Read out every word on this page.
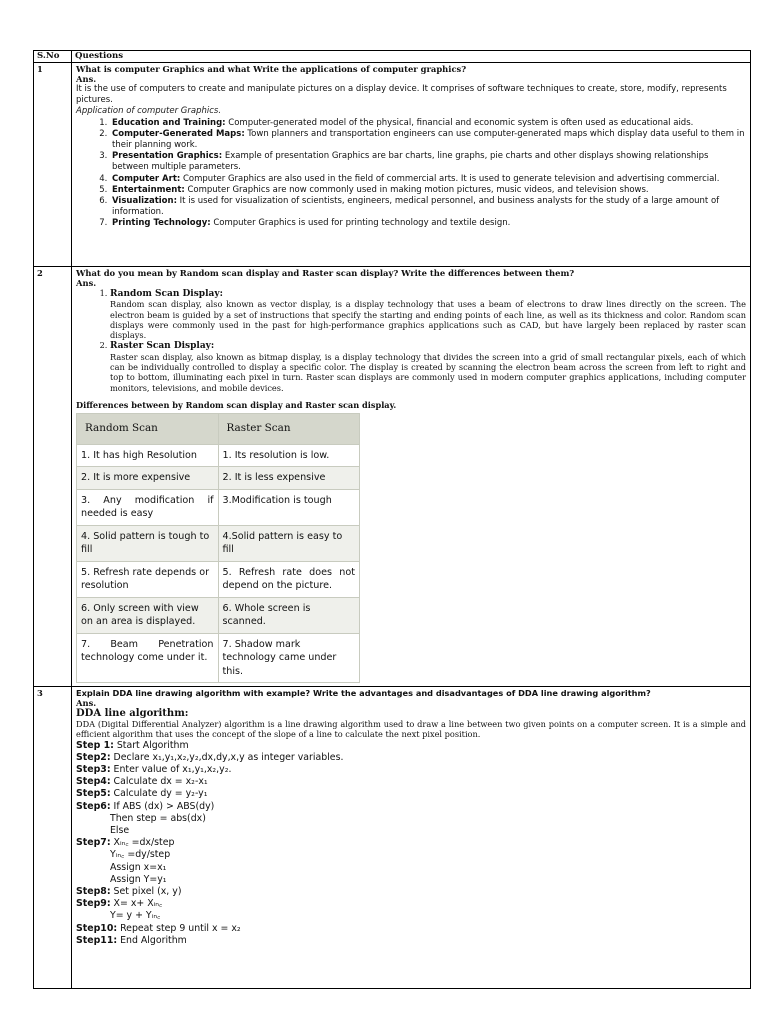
S.No	Questions
1	What is computer Graphics and what Write the applications of computer graphics?
Ans.
It is the use of computers to create and manipulate pictures on a display device. It comprises of software techniques to create, store, modify, represents pictures.
Application of computer Graphics.
1. Education and Training: Computer-generated model of the physical, financial and economic system is often used as educational aids.
2. Computer-Generated Maps: Town planners and transportation engineers can use computer-generated maps which display data useful to them in their planning work.
3. Presentation Graphics: Example of presentation Graphics are bar charts, line graphs, pie charts and other displays showing relationships between multiple parameters.
4. Computer Art: Computer Graphics are also used in the field of commercial arts. It is used to generate television and advertising commercial.
5. Entertainment: Computer Graphics are now commonly used in making motion pictures, music videos, and television shows.
6. Visualization: It is used for visualization of scientists, engineers, medical personnel, and business analysts for the study of a large amount of information.
7. Printing Technology: Computer Graphics is used for printing technology and textile design.

2	What do you mean by Random scan display and Raster scan display? Write the differences between them?
Ans.
1. Random Scan Display:
Random scan display, also known as vector display, is a display technology that uses a beam of electrons to draw lines directly on the screen. The electron beam is guided by a set of instructions that specify the starting and ending points of each line, as well as its thickness and color. Random scan displays were commonly used in the past for high-performance graphics applications such as CAD, but have largely been replaced by raster scan displays.
2. Raster Scan Display:
Raster scan display, also known as bitmap display, is a display technology that divides the screen into a grid of small rectangular pixels, each of which can be individually controlled to display a specific color. The display is created by scanning the electron beam across the screen from left to right and top to bottom, illuminating each pixel in turn. Raster scan displays are commonly used in modern computer graphics applications, including computer monitors, televisions, and mobile devices.
Differences between by Random scan display and Raster scan display.
Random Scan	Raster Scan
1. It has high Resolution	1. Its resolution is low.
2. It is more expensive	2. It is less expensive
3. Any modification if needed is easy	3.Modification is tough
4. Solid pattern is tough to fill	4.Solid pattern is easy to fill
5. Refresh rate depends or resolution	5. Refresh rate does not depend on the picture.
6. Only screen with view on an area is displayed.	6. Whole screen is scanned.
7. Beam Penetration technology come under it.	7. Shadow mark technology came under this.

3	Explain DDA line drawing algorithm with example? Write the advantages and disadvantages of DDA line drawing algorithm?
Ans.
DDA line algorithm:
DDA (Digital Differential Analyzer) algorithm is a line drawing algorithm used to draw a line between two given points on a computer screen. It is a simple and efficient algorithm that uses the concept of the slope of a line to calculate the next pixel position.
Step 1: Start Algorithm
Step2: Declare x₁,y₁,x₂,y₂,dx,dy,x,y as integer variables.
Step3: Enter value of x₁,y₁,x₂,y₂.
Step4: Calculate dx = x₂-x₁
Step5: Calculate dy = y₂-y₁
Step6: If ABS (dx) > ABS(dy)
Then step = abs(dx)
Else
Step7: Xᵢₙ꜀ =dx/step
Yᵢₙ꜀ =dy/step
Assign x=x₁
Assign Y=y₁
Step8: Set pixel (x, y)
Step9: X= x+ Xᵢₙ꜀
Y= y + Yᵢₙ꜀
Step10: Repeat step 9 until x = x₂
Step11: End Algorithm
